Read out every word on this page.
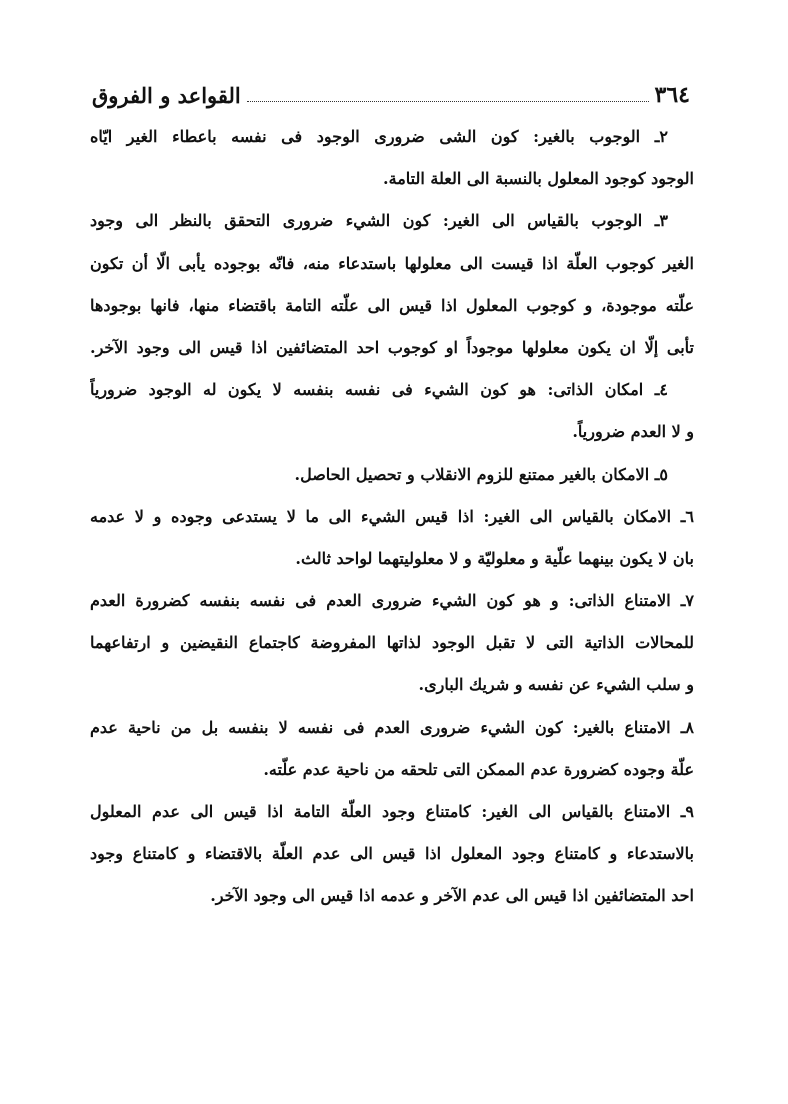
٣٦٤
القواعد و الفروق
٢ـ الوجوب بالغير: كون الشى ضرورى الوجود فى نفسه باعطاء الغير ايّاه
الوجود كوجود المعلول بالنسبة الى العلة التامة.
٣ـ الوجوب بالقياس الى الغير: كون الشيء ضرورى التحقق بالنظر الى وجود
الغير كوجوب العلّة اذا قيست الى معلولها باستدعاء منه، فانّه بوجوده يأبى الّا أن تكون
علّته موجودة، و كوجوب المعلول اذا قيس الى علّته التامة باقتضاء منها، فانها بوجودها
تأبى إلّا ان يكون معلولها موجوداً او كوجوب احد المتضائفين اذا قيس الى وجود الآخر.
٤ـ امكان الذاتى: هو كون الشيء فى نفسه بنفسه لا يكون له الوجود ضرورياً
و لا العدم ضرورياً.
٥ـ الامكان بالغير ممتنع للزوم الانقلاب و تحصيل الحاصل.
٦ـ الامكان بالقياس الى الغير: اذا قيس الشيء الى ما لا يستدعى وجوده و لا عدمه
بان لا يكون بينهما علّية و معلوليّة و لا معلوليتهما لواحد ثالث.
٧ـ الامتناع الذاتى: و هو كون الشيء ضرورى العدم فى نفسه بنفسه كضرورة العدم
للمحالات الذاتية التى لا تقبل الوجود لذاتها المفروضة كاجتماع النقيضين و ارتفاعهما
و سلب الشيء عن نفسه و شريك البارى.
٨ـ الامتناع بالغير: كون الشيء ضرورى العدم فى نفسه لا بنفسه بل من ناحية عدم
علّة وجوده كضرورة عدم الممكن التى تلحقه من ناحية عدم علّته.
٩ـ الامتناع بالقياس الى الغير: كامتناع وجود العلّة التامة اذا قيس الى عدم المعلول
بالاستدعاء و كامتناع وجود المعلول اذا قيس الى عدم العلّة بالاقتضاء و كامتناع وجود
احد المتضائفين اذا قيس الى عدم الآخر و عدمه اذا قيس الى وجود الآخر.
